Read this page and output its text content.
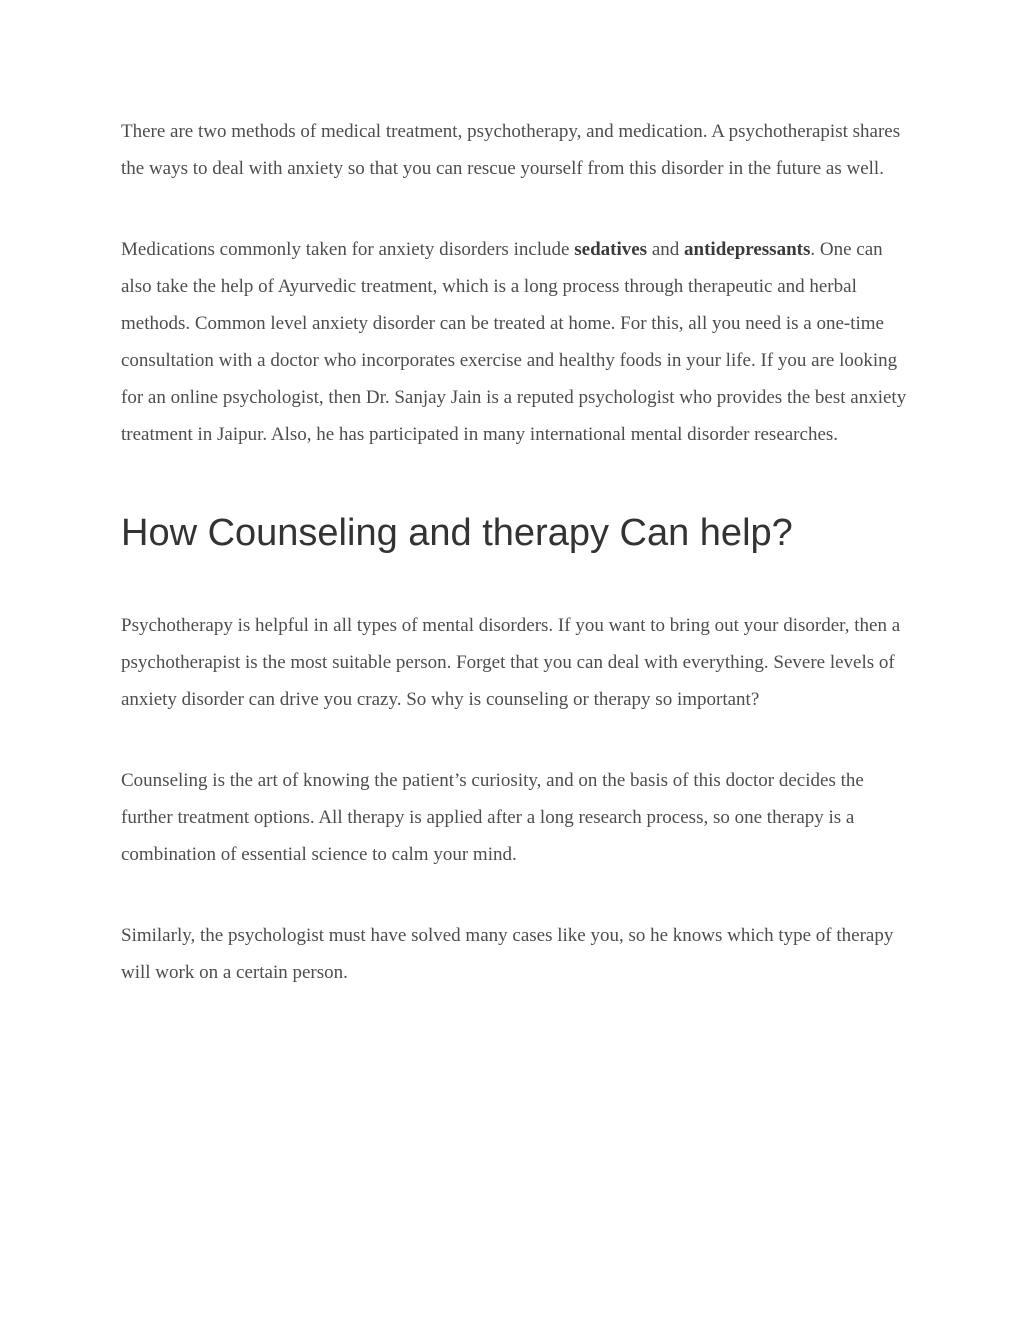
There are two methods of medical treatment, psychotherapy, and medication. A psychotherapist shares the ways to deal with anxiety so that you can rescue yourself from this disorder in the future as well.

Medications commonly taken for anxiety disorders include sedatives and antidepressants. One can also take the help of Ayurvedic treatment, which is a long process through therapeutic and herbal methods. Common level anxiety disorder can be treated at home. For this, all you need is a one-time consultation with a doctor who incorporates exercise and healthy foods in your life. If you are looking for an online psychologist, then Dr. Sanjay Jain is a reputed psychologist who provides the best anxiety treatment in Jaipur. Also, he has participated in many international mental disorder researches.

How Counseling and therapy Can help?

Psychotherapy is helpful in all types of mental disorders. If you want to bring out your disorder, then a psychotherapist is the most suitable person. Forget that you can deal with everything. Severe levels of anxiety disorder can drive you crazy. So why is counseling or therapy so important?

Counseling is the art of knowing the patient’s curiosity, and on the basis of this doctor decides the further treatment options. All therapy is applied after a long research process, so one therapy is a combination of essential science to calm your mind.

Similarly, the psychologist must have solved many cases like you, so he knows which type of therapy will work on a certain person.
